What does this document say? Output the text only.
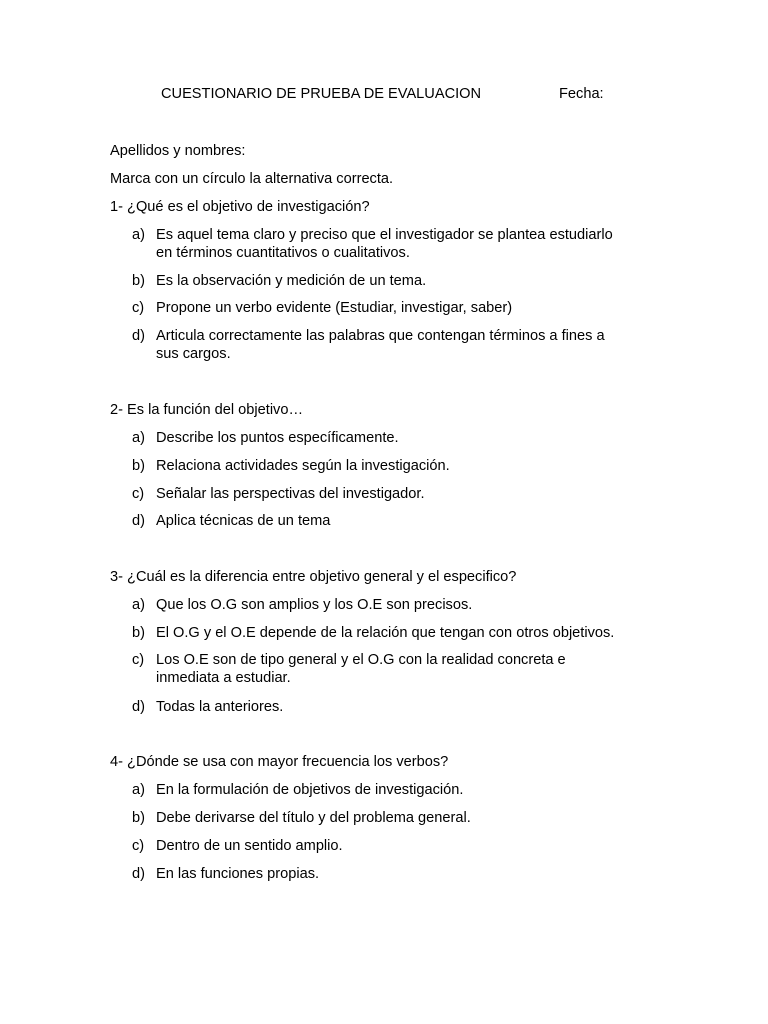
CUESTIONARIO DE PRUEBA DE EVALUACION	Fecha:
Apellidos y nombres:
Marca con un círculo la alternativa correcta.
1- ¿Qué es el objetivo de investigación?
a) Es aquel tema claro y preciso que el investigador se plantea estudiarlo
en términos cuantitativos o cualitativos.
b) Es la observación y medición de un tema.
c) Propone un verbo evidente (Estudiar, investigar, saber)
d) Articula correctamente las palabras que contengan términos a fines a
sus cargos.
2- Es la función del objetivo…
a) Describe los puntos específicamente.
b) Relaciona actividades según la investigación.
c) Señalar las perspectivas del investigador.
d) Aplica técnicas de un tema
3- ¿Cuál es la diferencia entre objetivo general y el especifico?
a) Que los O.G son amplios y los O.E son precisos.
b) El O.G y el O.E depende de la relación que tengan con otros objetivos.
c) Los O.E son de tipo general y el O.G con la realidad concreta e
inmediata a estudiar.
d) Todas la anteriores.
4- ¿Dónde se usa con mayor frecuencia los verbos?
a) En la formulación de objetivos de investigación.
b) Debe derivarse del título y del problema general.
c) Dentro de un sentido amplio.
d) En las funciones propias.
